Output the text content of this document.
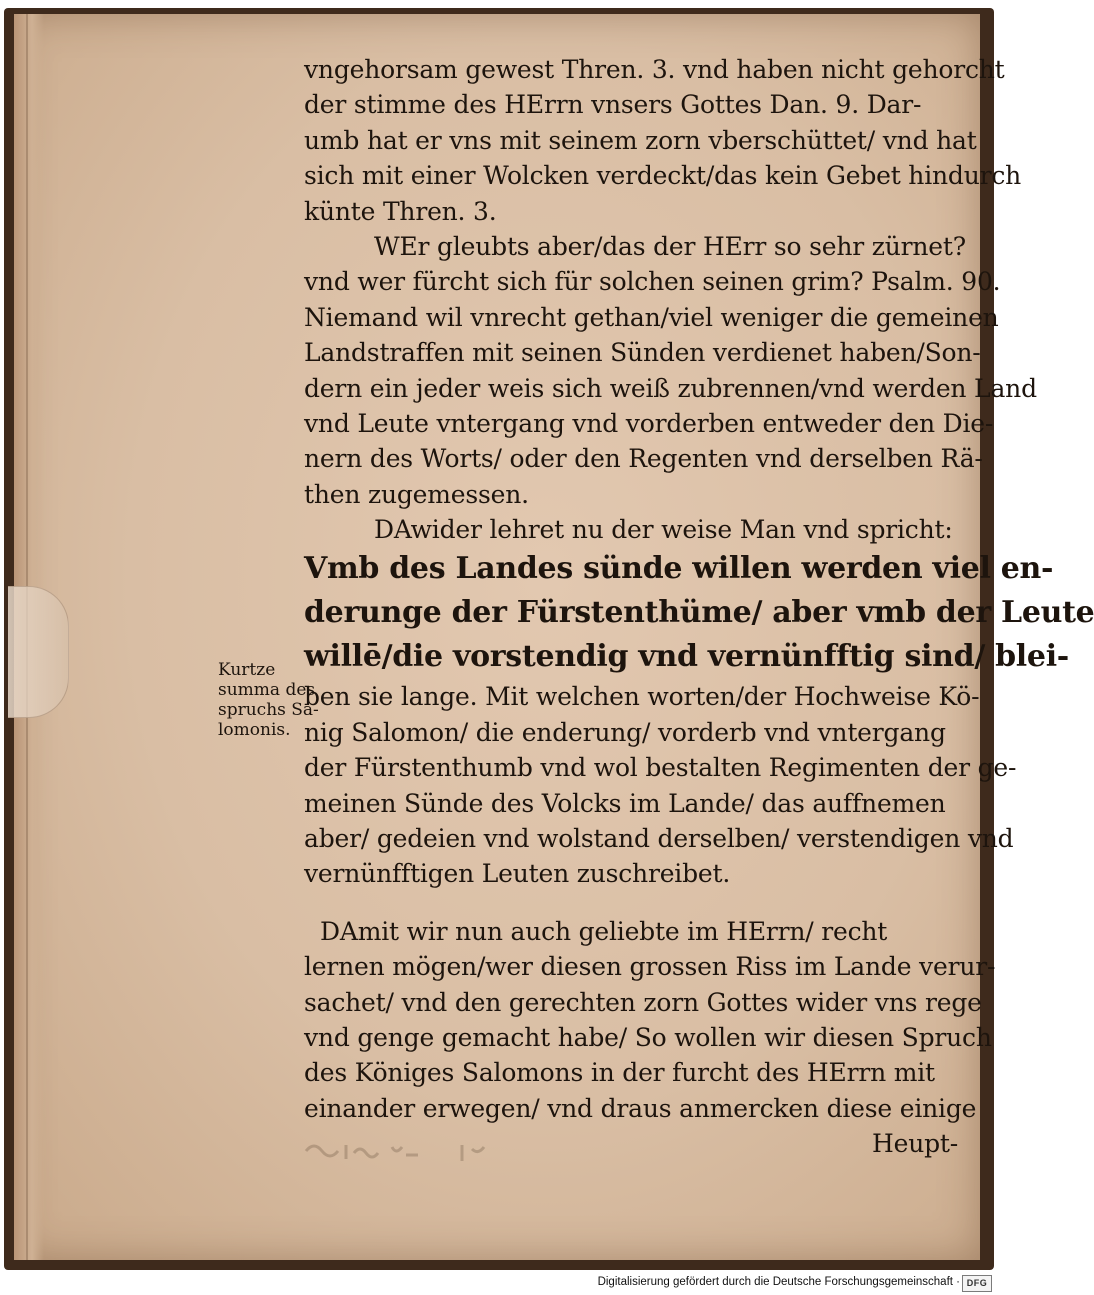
vngehorsam gewest Thren. 3. vnd haben nicht gehorcht
der stimme des HErrn vnsers Gottes Dan. 9. Dar-
umb hat er vns mit seinem zorn vberschüttet/ vnd hat
sich mit einer Wolcken verdeckt/das kein Gebet hindurch
künte Thren. 3.
WEr gleubts aber/das der HErr so sehr zürnet?
vnd wer fürcht sich für solchen seinen grim? Psalm. 90.
Niemand wil vnrecht gethan/viel weniger die gemeinen
Landstraffen mit seinen Sünden verdienet haben/Son-
dern ein jeder weis sich weiß zubrennen/vnd werden Land
vnd Leute vntergang vnd vorderben entweder den Die-
nern des Worts/ oder den Regenten vnd derselben Rä-
then zugemessen.
DAwider lehret nu der weise Man vnd spricht:
Vmb des Landes sünde willen werden viel en-
derunge der Fürstenthüme/ aber vmb der Leute
willē/die vorstendig vnd vernünfftig sind/ blei-
ben sie lange. Mit welchen worten/der Hochweise Kö-
nig Salomon/ die enderung/ vorderb vnd vntergang
der Fürstenthumb vnd wol bestalten Regimenten der ge-
meinen Sünde des Volcks im Lande/ das auffnemen
aber/ gedeien vnd wolstand derselben/ verstendigen vnd
vernünfftigen Leuten zuschreibet.
DAmit wir nun auch geliebte im HErrn/ recht
lernen mögen/wer diesen grossen Riss im Lande verur-
sachet/ vnd den gerechten zorn Gottes wider vns rege
vnd genge gemacht habe/ So wollen wir diesen Spruch
des Königes Salomons in der furcht des HErrn mit
einander erwegen/ vnd draus anmercken diese einige
Heupt-
Kurtze
summa des
spruchs Sa-
lomonis.
Digitalisierung gefördert durch die Deutsche Forschungsgemeinschaft · DFG
